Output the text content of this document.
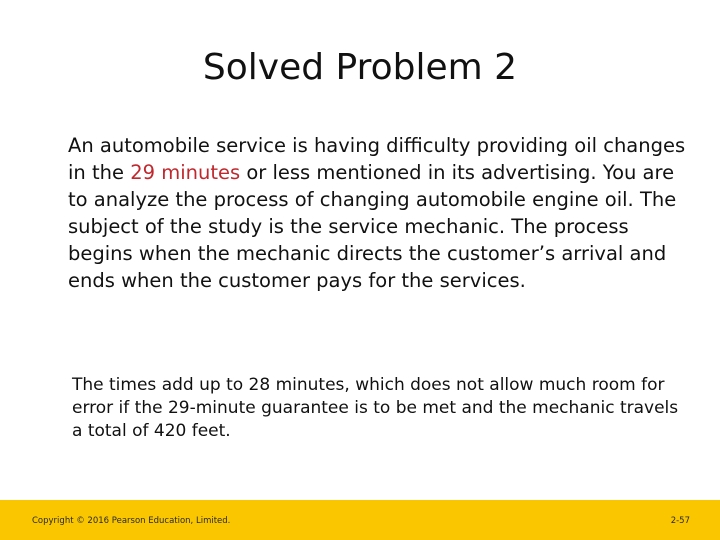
Solved Problem 2
An automobile service is having difficulty providing oil changes in the 29 minutes or less mentioned in its advertising. You are to analyze the process of changing automobile engine oil. The subject of the study is the service mechanic. The process begins when the mechanic directs the customer’s arrival and ends when the customer pays for the services.
The times add up to 28 minutes, which does not allow much room for error if the 29-minute guarantee is to be met and the mechanic travels a total of 420 feet.
Copyright © 2016 Pearson Education, Limited.	2-57
